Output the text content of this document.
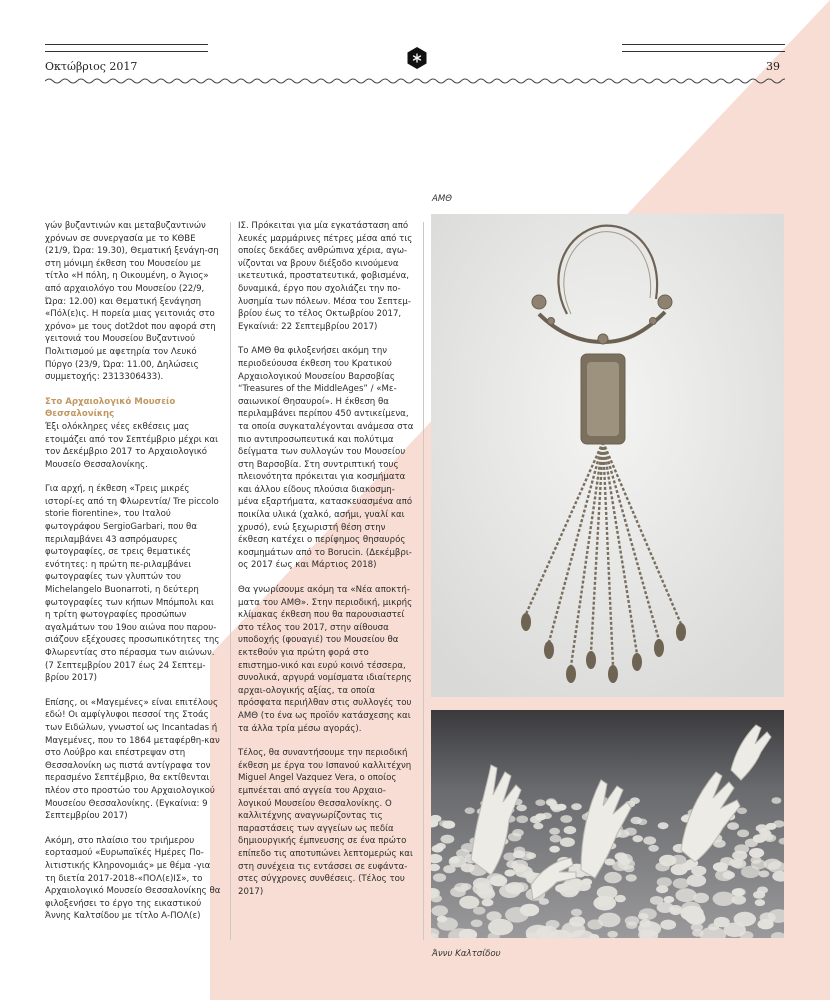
Οκτώβριος 2017	39

γών βυζαντινών και μεταβυζαντινών χρόνων σε συνεργασία με το ΚΘΒΕ (21/9, Ώρα: 19.30), Θεματική ξενάγη-ση στη μόνιμη έκθεση του Μουσείου με τίτλο «Η πόλη, η Οικουμένη, ο Άγιος» από αρχαιολόγο του Μουσείου (22/9, Ώρα: 12.00) και Θεματική ξενάγηση «Πόλ(ε)ις. Η πορεία μιας γειτονιάς στο χρόνο» με τους dot2dot που αφορά στη γειτονιά του Μουσείου Βυζαντινού Πολιτισμού με αφετηρία τον Λευκό Πύργο (23/9, Ώρα: 11.00, Δηλώσεις συμμετοχής: 2313306433).

Στο Αρχαιολογικό Μουσείο Θεσσαλονίκης

Έξι ολόκληρες νέες εκθέσεις μας ετοιμάζει από τον Σεπτέμβριο μέχρι και τον Δεκέμβριο 2017 το Αρχαιολογικό Μουσείο Θεσσαλονίκης.

Για αρχή, η έκθεση «Τρεις μικρές ιστορί-ες από τη Φλωρεντία/ Tre piccolo storie fiorentine», του Ιταλού φωτογράφου SergioGarbari, που θα περιλαμβάνει 43 ασπρόμαυρες φωτογραφίες, σε τρεις θεματικές ενότητες: η πρώτη πε-ριλαμβάνει φωτογραφίες των γλυπτών του Michelangelo Buonarroti, η δεύτερη φωτογραφίες των κήπων Μπόμπολι και η τρίτη φωτογραφίες προσώπων αγαλμάτων του 19ου αιώνα που παρου-σιάζουν εξέχουσες προσωπικότητες της Φλωρεντίας στο πέρασμα των αιώνων. (7 Σεπτεμβρίου 2017 έως 24 Σεπτεμ-βρίου 2017)

Επίσης, οι «Μαγεμένες» είναι επιτέλους εδώ! Οι αμφίγλυφοι πεσσοί της Στοάς των Ειδώλων, γνωστοί ως Incantadas ή Μαγεμένες, που το 1864 μεταφέρθη-καν στο Λούβρο και επέστρεψαν στη Θεσσαλονίκη ως πιστά αντίγραφα τον περασμένο Σεπτέμβριο, θα εκτίθενται πλέον στο προστώο του Αρχαιολογικού Μουσείου Θεσσαλονίκης. (Εγκαίνια: 9 Σεπτεμβρίου 2017)

Ακόμη, στο πλαίσιο του τριήμερου εορτασμού «Ευρωπαϊκές Ημέρες Πο-λιτιστικής Κληρονομιάς» με θέμα -για τη διετία 2017-2018-«ΠΟΛ(ε)ΙΣ», το Αρχαιολογικό Μουσείο Θεσσαλονίκης θα φιλοξενήσει το έργο της εικαστικού Άννης Καλτσίδου με τίτλο Α-ΠΟΛ(ε)

ΙΣ. Πρόκειται για μία εγκατάσταση από λευκές μαρμάρινες πέτρες μέσα από τις οποίες δεκάδες ανθρώπινα χέρια, αγω-νίζονται να βρουν διέξοδο κινούμενα ικετευτικά, προστατευτικά, φοβισμένα, δυναμικά, έργο που σχολιάζει την πο-λυσημία των πόλεων. Μέσα του Σεπτεμ-βρίου έως το τέλος Οκτωβρίου 2017, Εγκαίνιά: 22 Σεπτεμβρίου 2017)

Το ΑΜΘ θα φιλοξενήσει ακόμη την περιοδεύουσα έκθεση του Κρατικού Αρχαιολογικού Μουσείου Βαρσοβίας “Treasures of the MiddleAges” / «Με-σαιωνικοί Θησαυροί». Η έκθεση θα περιλαμβάνει περίπου 450 αντικείμενα, τα οποία συγκαταλέγονται ανάμεσα στα πιο αντιπροσωπευτικά και πολύτιμα δείγματα των συλλογών του Μουσείου στη Βαρσοβία. Στη συντριπτική τους πλειονότητα πρόκειται για κοσμήματα και άλλου είδους πλούσια διακοσμη-μένα εξαρτήματα, κατασκευασμένα από ποικίλα υλικά (χαλκό, ασήμι, γυαλί και χρυσό), ενώ ξεχωριστή θέση στην έκθεση κατέχει ο περίφημος θησαυρός κοσμημάτων από το Borucin. (Δεκέμβρι-ος 2017 έως και Μάρτιος 2018)

Θα γνωρίσουμε ακόμη τα «Νέα αποκτή-ματα του ΑΜΘ». Στην περιοδική, μικρής κλίμακας έκθεση που θα παρουσιαστεί στο τέλος του 2017, στην αίθουσα υποδοχής (φουαγιέ) του Μουσείου θα εκτεθούν για πρώτη φορά στο επιστημο-νικό και ευρύ κοινό τέσσερα, συνολικά, αργυρά νομίσματα ιδιαίτερης αρχαι-ολογικής αξίας, τα οποία πρόσφατα περιήλθαν στις συλλογές του ΑΜΘ (το ένα ως προϊόν κατάσχεσης και τα άλλα τρία μέσω αγοράς).

Τέλος, θα συναντήσουμε την περιοδική έκθεση με έργα του Ισπανού καλλιτέχνη Miguel Angel Vazquez Vera, ο οποίος εμπνέεται από αγγεία του Αρχαιο-λογικού Μουσείου Θεσσαλονίκης. Ο καλλιτέχνης αναγνωρίζοντας τις παραστάσεις των αγγείων ως πεδία δημιουργικής έμπνευσης σε ένα πρώτο επίπεδο τις αποτυπώνει λεπτομερώς και στη συνέχεια τις εντάσσει σε ευφάντα-στες σύγχρονες συνθέσεις. (Τέλος του 2017)

ΑΜΘ
Άννυ Καλτσίδου
